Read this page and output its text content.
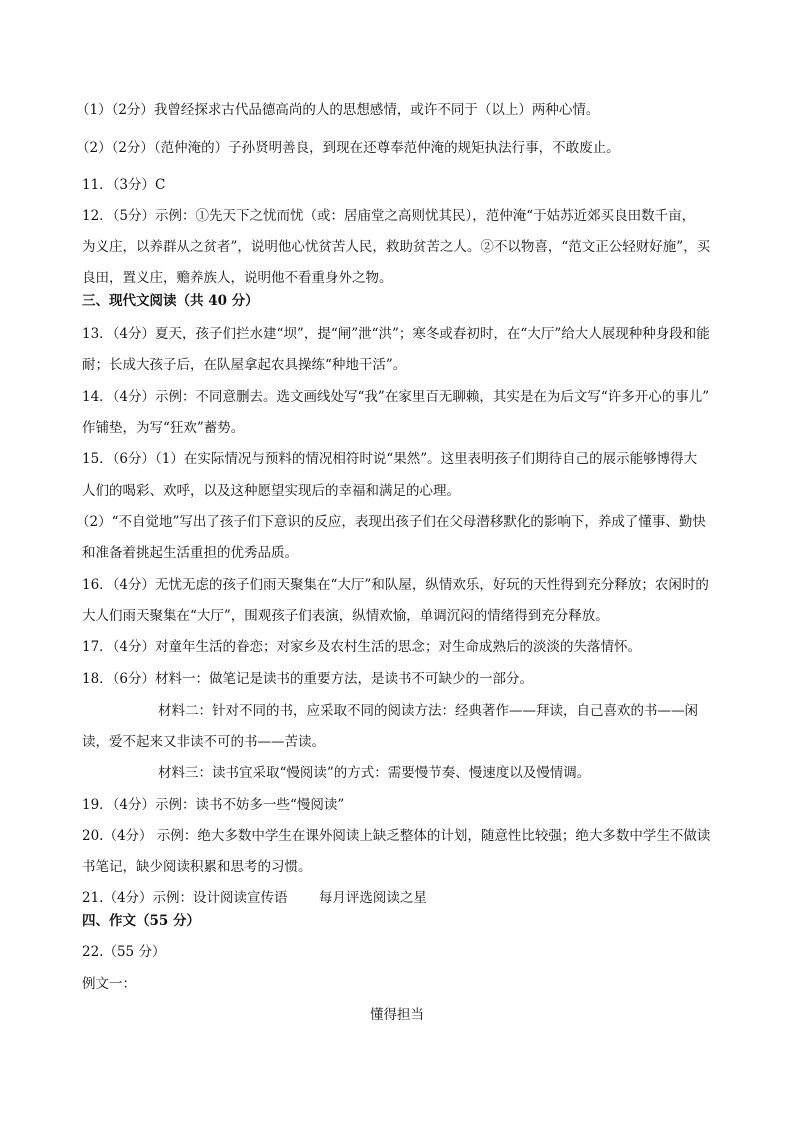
（1）（2分）我曾经探求古代品德高尚的人的思想感情，或许不同于（以上）两种心情。
（2）（2分）（范仲淹的）子孙贤明善良，到现在还尊奉范仲淹的规矩执法行事，不敢废止。
11．（3分）C
12．（5分）示例：①先天下之忧而忧（或：居庙堂之高则忧其民），范仲淹“于姑苏近郊买良田数千亩，
为义庄，以养群从之贫者”，说明他心忧贫苦人民，救助贫苦之人。②不以物喜，“范文正公轻财好施”，买
良田，置义庄，赡养族人，说明他不看重身外之物。
三、现代文阅读（共 40 分）
13．（4分）夏天，孩子们拦水建“坝”，提“闸”泄“洪”；寒冬或春初时，在“大厅”给大人展现种种身段和能
耐；长成大孩子后，在队屋拿起农具操练“种地干活”。
14．（4分）示例：不同意删去。选文画线处写“我”在家里百无聊赖，其实是在为后文写“许多开心的事儿”
作铺垫，为写“狂欢”蓄势。
15．（6分）（1）在实际情况与预料的情况相符时说“果然”。这里表明孩子们期待自己的展示能够博得大
人们的喝彩、欢呼，以及这种愿望实现后的幸福和满足的心理。
（2）“不自觉地”写出了孩子们下意识的反应，表现出孩子们在父母潜移默化的影响下，养成了懂事、勤快
和准备着挑起生活重担的优秀品质。
16．（4分）无忧无虑的孩子们雨天聚集在“大厅”和队屋，纵情欢乐，好玩的天性得到充分释放；农闲时的
大人们雨天聚集在“大厅”，围观孩子们表演，纵情欢愉，单调沉闷的情绪得到充分释放。
17．（4分）对童年生活的眷恋；对家乡及农村生活的思念；对生命成熟后的淡淡的失落情怀。
18．（6分）材料一：做笔记是读书的重要方法，是读书不可缺少的一部分。
材料二：针对不同的书，应采取不同的阅读方法：经典著作——拜读，自己喜欢的书——闲
读，爱不起来又非读不可的书——苦读。
材料三：读书宜采取“慢阅读”的方式：需要慢节奏、慢速度以及慢情调。
19．（4分）示例：读书不妨多一些“慢阅读”
20.（4分） 示例：绝大多数中学生在课外阅读上缺乏整体的计划，随意性比较强；绝大多数中学生不做读
书笔记，缺少阅读积累和思考的习惯。
21.（4分）示例：设计阅读宣传语 　　每月评选阅读之星
四、作文（55 分）
22.（55 分）
例文一：
懂得担当
